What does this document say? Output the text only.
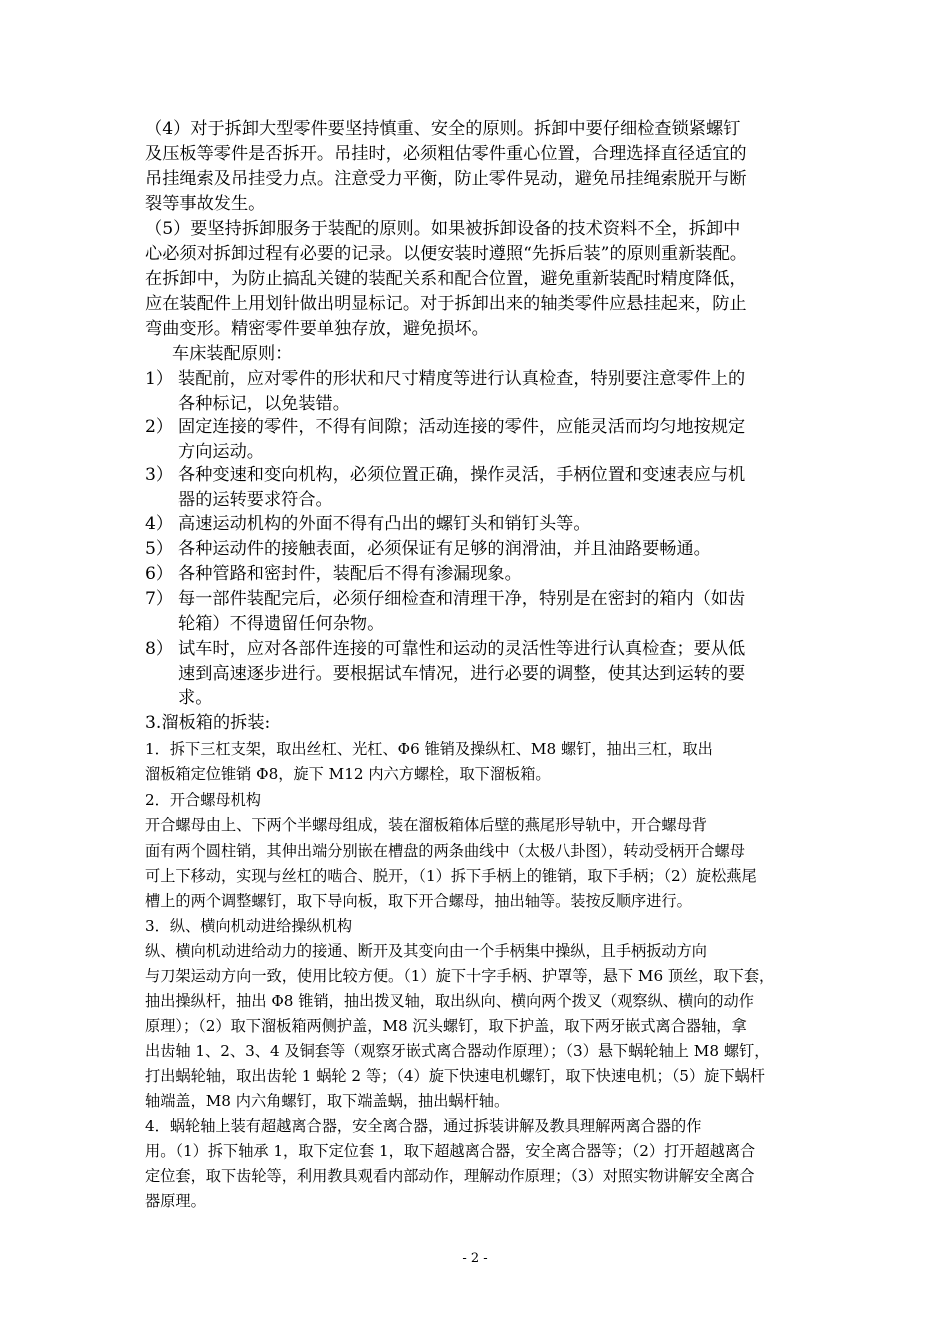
（4）对于拆卸大型零件要坚持慎重、安全的原则。拆卸中要仔细检查锁紧螺钉
及压板等零件是否拆开。吊挂时，必须粗估零件重心位置，合理选择直径适宜的
吊挂绳索及吊挂受力点。注意受力平衡，防止零件晃动，避免吊挂绳索脱开与断
裂等事故发生。
（5）要坚持拆卸服务于装配的原则。如果被拆卸设备的技术资料不全，拆卸中
心必须对拆卸过程有必要的记录。以便安装时遵照“先拆后装”的原则重新装配。
在拆卸中，为防止搞乱关键的装配关系和配合位置，避免重新装配时精度降低，
应在装配件上用划针做出明显标记。对于拆卸出来的轴类零件应悬挂起来，防止
弯曲变形。精密零件要单独存放，避免损坏。
车床装配原则：
1） 装配前，应对零件的形状和尺寸精度等进行认真检查，特别要注意零件上的
各种标记，以免装错。
2） 固定连接的零件，不得有间隙；活动连接的零件，应能灵活而均匀地按规定
方向运动。
3） 各种变速和变向机构，必须位置正确，操作灵活，手柄位置和变速表应与机
器的运转要求符合。
4） 高速运动机构的外面不得有凸出的螺钉头和销钉头等。
5） 各种运动件的接触表面，必须保证有足够的润滑油，并且油路要畅通。
6） 各种管路和密封件，装配后不得有渗漏现象。
7） 每一部件装配完后，必须仔细检查和清理干净，特别是在密封的箱内（如齿
轮箱）不得遗留任何杂物。
8） 试车时，应对各部件连接的可靠性和运动的灵活性等进行认真检查；要从低
速到高速逐步进行。要根据试车情况，进行必要的调整，使其达到运转的要
求。
3.溜板箱的拆装:
1．拆下三杠支架，取出丝杠、光杠、Φ6 锥销及操纵杠、M8 螺钉，抽出三杠，取出
溜板箱定位锥销 Φ8，旋下 M12 内六方螺栓，取下溜板箱。
2．开合螺母机构
开合螺母由上、下两个半螺母组成，装在溜板箱体后壁的燕尾形导轨中，开合螺母背
面有两个圆柱销，其伸出端分别嵌在槽盘的两条曲线中（太极八卦图），转动受柄开合螺母
可上下移动，实现与丝杠的啮合、脱开，（1）拆下手柄上的锥销，取下手柄；（2）旋松燕尾
槽上的两个调整螺钉，取下导向板，取下开合螺母，抽出轴等。装按反顺序进行。
3．纵、横向机动进给操纵机构
纵、横向机动进给动力的接通、断开及其变向由一个手柄集中操纵，且手柄扳动方向
与刀架运动方向一致，使用比较方便。（1）旋下十字手柄、护罩等，悬下 M6 顶丝，取下套，
抽出操纵杆，抽出 Φ8 锥销，抽出拨叉轴，取出纵向、横向两个拨叉（观察纵、横向的动作
原理）；（2）取下溜板箱两侧护盖，M8 沉头螺钉，取下护盖，取下两牙嵌式离合器轴，拿
出齿轴 1、2、3、4 及铜套等（观察牙嵌式离合器动作原理）；（3）悬下蜗轮轴上 M8 螺钉，
打出蜗轮轴，取出齿轮 1 蜗轮 2 等；（4）旋下快速电机螺钉，取下快速电机；（5）旋下蜗杆
轴端盖，M8 内六角螺钉，取下端盖蜗，抽出蜗杆轴。
4．蜗轮轴上装有超越离合器，安全离合器，通过拆装讲解及教具理解两离合器的作
用。（1）拆下轴承 1，取下定位套 1，取下超越离合器，安全离合器等；（2）打开超越离合
定位套，取下齿轮等，利用教具观看内部动作，理解动作原理；（3）对照实物讲解安全离合
器原理。
- 2 -
